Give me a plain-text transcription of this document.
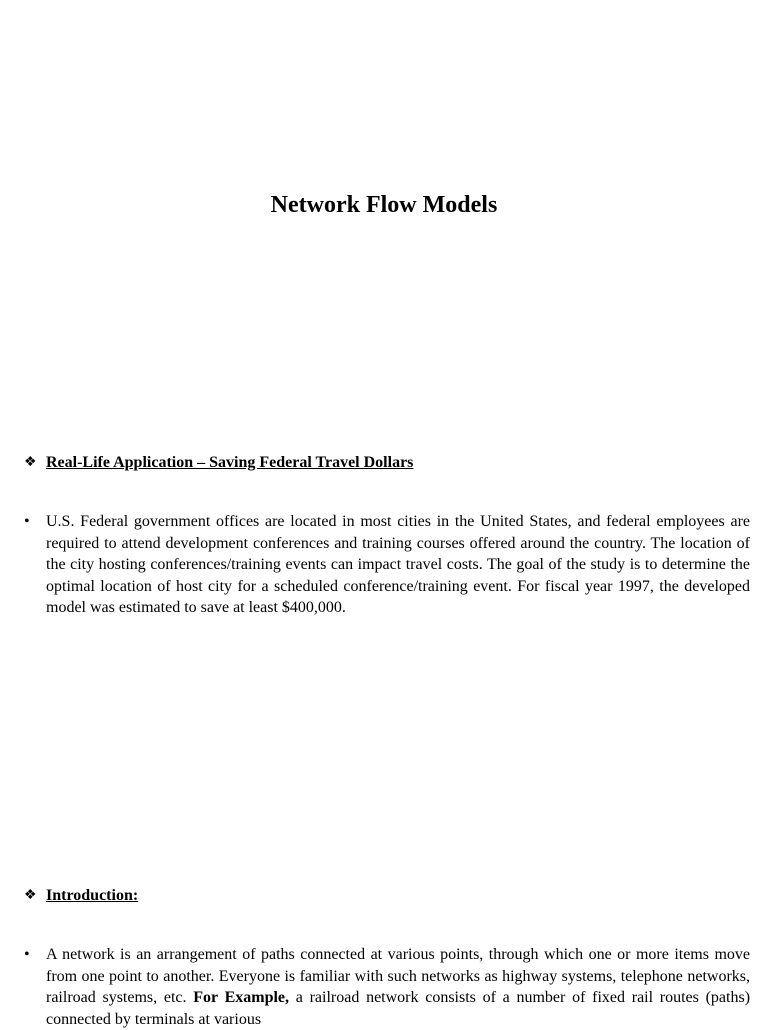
Network Flow Models
❖ Real-Life Application – Saving Federal Travel Dollars
•	U.S. Federal government offices are located in most cities in the United States, and federal employees are required to attend development conferences and training courses offered around the country. The location of the city hosting conferences/training events can impact travel costs. The goal of the study is to determine the optimal location of host city for a scheduled conference/training event. For fiscal year 1997, the developed model was estimated to save at least $400,000.
❖ Introduction:
•	A network is an arrangement of paths connected at various points, through which one or more items move from one point to another. Everyone is familiar with such networks as highway systems, telephone networks, railroad systems, etc. For Example, a railroad network consists of a number of fixed rail routes (paths) connected by terminals at various
